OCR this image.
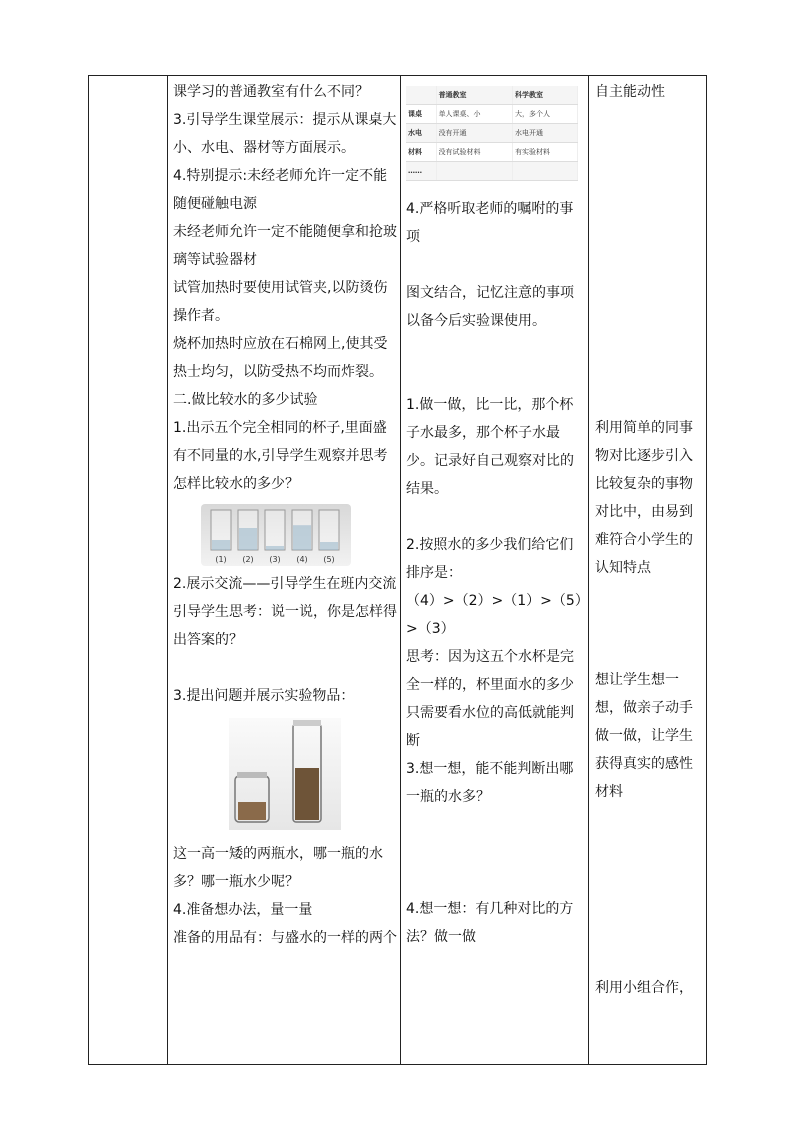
课学习的普通教室有什么不同？

3.引导学生课堂展示：提示从课桌大小、水电、器材等方面展示。

4.特别提示:未经老师允许一定不能随便碰触电源

未经老师允许一定不能随便拿和抢玻璃等试验器材

试管加热时要使用试管夹,以防烫伤操作者。

烧杯加热时应放在石棉网上,使其受热士均匀，以防受热不均而炸裂。

二.做比较水的多少试验

1.出示五个完全相同的杯子,里面盛有不同量的水,引导学生观察并思考怎样比较水的多少？

(1) (2) (3) (4) (5)

2.展示交流——引导学生在班内交流

引导学生思考：说一说，你是怎样得出答案的？

3.提出问题并展示实验物品：

这一高一矮的两瓶水，哪一瓶的水多？哪一瓶水少呢？

4.准备想办法，量一量

准备的用品有：与盛水的一样的两个

	普通教室	科学教室
课桌	单人课桌、小	大，多个人
水电	没有开通	水电开通
材料	没有试验材料	有实验材料
……		

4.严格听取老师的嘱咐的事项

图文结合，记忆注意的事项以备今后实验课使用。

1.做一做，比一比，那个杯子水最多，那个杯子水最少。记录好自己观察对比的结果。

2.按照水的多少我们给它们排序是：

（4）>（2）>（1）>（5）>（3）

思考：因为这五个水杯是完全一样的，杯里面水的多少只需要看水位的高低就能判断

3.想一想，能不能判断出哪一瓶的水多？

4.想一想：有几种对比的方法？做一做

自主能动性

利用简单的同事物对比逐步引入比较复杂的事物对比中，由易到难符合小学生的认知特点

想让学生想一想，做亲子动手做一做，让学生获得真实的感性材料

利用小组合作，
